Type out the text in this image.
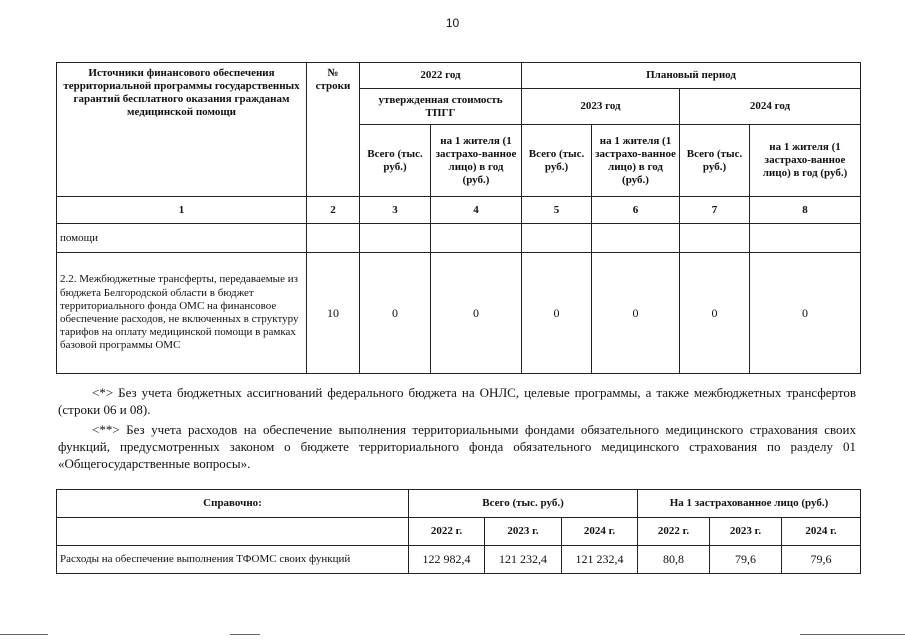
10
Источники финансового обеспечения территориальной программы государственных гарантий бесплатного оказания гражданам медицинской помощи	№ строки	2022 год		Плановый период			
		утвержденная стоимость ТПГГ		2023 год		2024 год	
		Всего (тыс. руб.)	на 1 жителя (1 застрахо-ванное лицо) в год (руб.)	Всего (тыс. руб.)	на 1 жителя (1 застрахо-ванное лицо) в год (руб.)	Всего (тыс. руб.)	на 1 жителя (1 застрахо-ванное лицо) в год (руб.)
1	2	3	4	5	6	7	8
помощи							
2.2. Межбюджетные трансферты, передаваемые из бюджета Белгородской области в бюджет территориального фонда ОМС на финансовое обеспечение расходов, не включенных в структуру тарифов на оплату медицинской помощи в рамках базовой программы ОМС	10	0	0	0	0	0	0

<*> Без учета бюджетных ассигнований федерального бюджета на ОНЛС, целевые программы, а также межбюджетных трансфертов (строки 06 и 08).

<**> Без учета расходов на обеспечение выполнения территориальными фондами обязательного медицинского страхования своих функций, предусмотренных законом о бюджете территориального фонда обязательного медицинского страхования по разделу 01 «Общегосударственные вопросы».

Справочно:	Всего (тыс. руб.)			На 1 застрахованное лицо (руб.)		
	2022 г.	2023 г.	2024 г.	2022 г.	2023 г.	2024 г.
Расходы на обеспечение выполнения ТФОМС своих функций	122 982,4	121 232,4	121 232,4	80,8	79,6	79,6
